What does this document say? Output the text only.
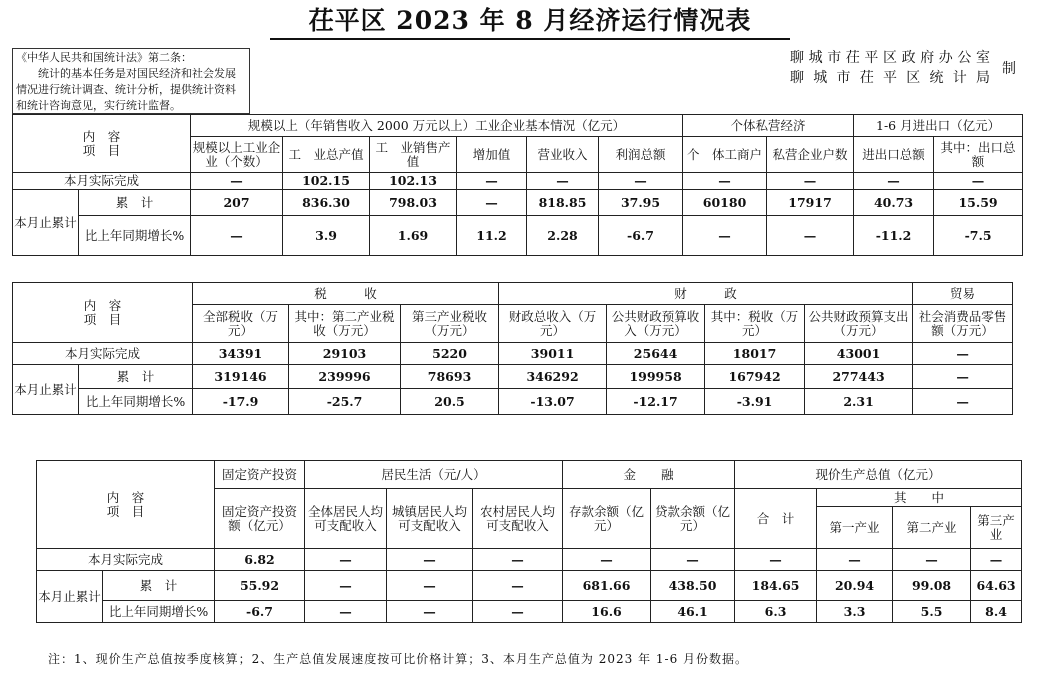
茌平区 2023 年 8 月经济运行情况表
《中华人民共和国统计法》第二条：
统计的基本任务是对国民经济和社会发展情况进行统计调查、统计分析，提供统计资料和统计咨询意见，实行统计监督。
聊城市茌平区政府办公室
聊城市茌平区统计局
制
内　容
项　目		规模以上（年销售收入 2000 万元以上）工业企业基本情况（亿元）						个体私营经济		1-6 月进出口（亿元）	
		规模以上工业企业（个数）	工　业总产值	工　业销售产值	增加值	营业收入	利润总额	个　体工商户	私营企业户数	进出口总额	其中：出口总额
本月实际完成		—	102.15	102.13	—	—	—	—	—	—	—
本月止累计	累　计	207	836.30	798.03	—	818.85	37.95	60180	17917	40.73	15.59
	比上年同期增长%	—	3.9	1.69	11.2	2.28	-6.7	—	—	-11.2	-7.5
内　容
项　目		税　　　收			财　　　政				贸易
		全部税收（万元）	其中：第二产业税收（万元）	第三产业税收（万元）	财政总收入（万元）	公共财政预算收入（万元）	其中：税收（万元）	公共财政预算支出（万元）	社会消费品零售额（万元）
本月实际完成		34391	29103	5220	39011	25644	18017	43001	—
本月止累计	累　计	319146	239996	78693	346292	199958	167942	277443	—
	比上年同期增长%	-17.9	-25.7	20.5	-13.07	-12.17	-3.91	2.31	—
内　容
项　目		固定资产投资	居民生活（元/人）			金　　融		现价生产总值（亿元）			
		固定资产投资额（亿元）	全体居民人均可支配收入	城镇居民人均可支配收入	农村居民人均可支配收入	存款余额（亿元）	贷款余额（亿元）	合　计	其　　中		
									第一产业	第二产业	第三产业
本月实际完成		6.82	—	—	—	—	—	—	—	—	—
本月止累计	累　计	55.92	—	—	—	681.66	438.50	184.65	20.94	99.08	64.63
	比上年同期增长%	-6.7	—	—	—	16.6	46.1	6.3	3.3	5.5	8.4
注：1、现价生产总值按季度核算；2、生产总值发展速度按可比价格计算；3、本月生产总值为 2023 年 1-6 月份数据。
